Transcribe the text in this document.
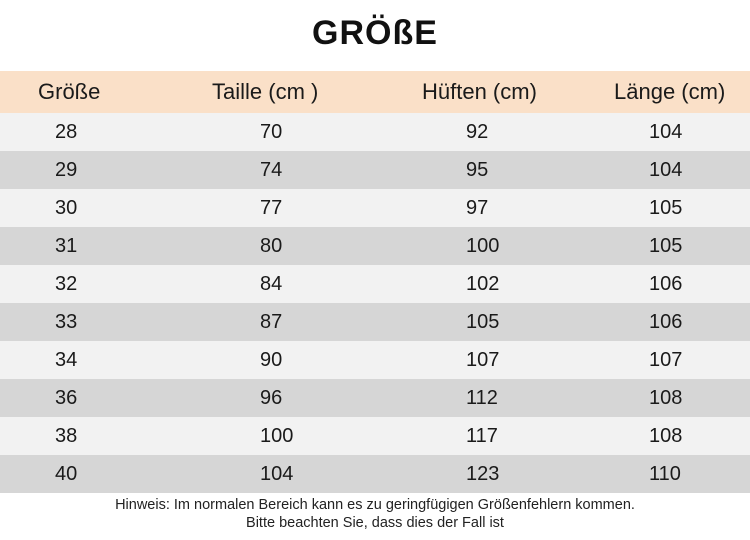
GRÖßE
Größe	Taille (cm )	Hüften (cm)	Länge (cm)
28	70	92	104
29	74	95	104
30	77	97	105
31	80	100	105
32	84	102	106
33	87	105	106
34	90	107	107
36	96	112	108
38	100	117	108
40	104	123	110
Hinweis: Im normalen Bereich kann es zu geringfügigen Größenfehlern kommen.
Bitte beachten Sie, dass dies der Fall ist
